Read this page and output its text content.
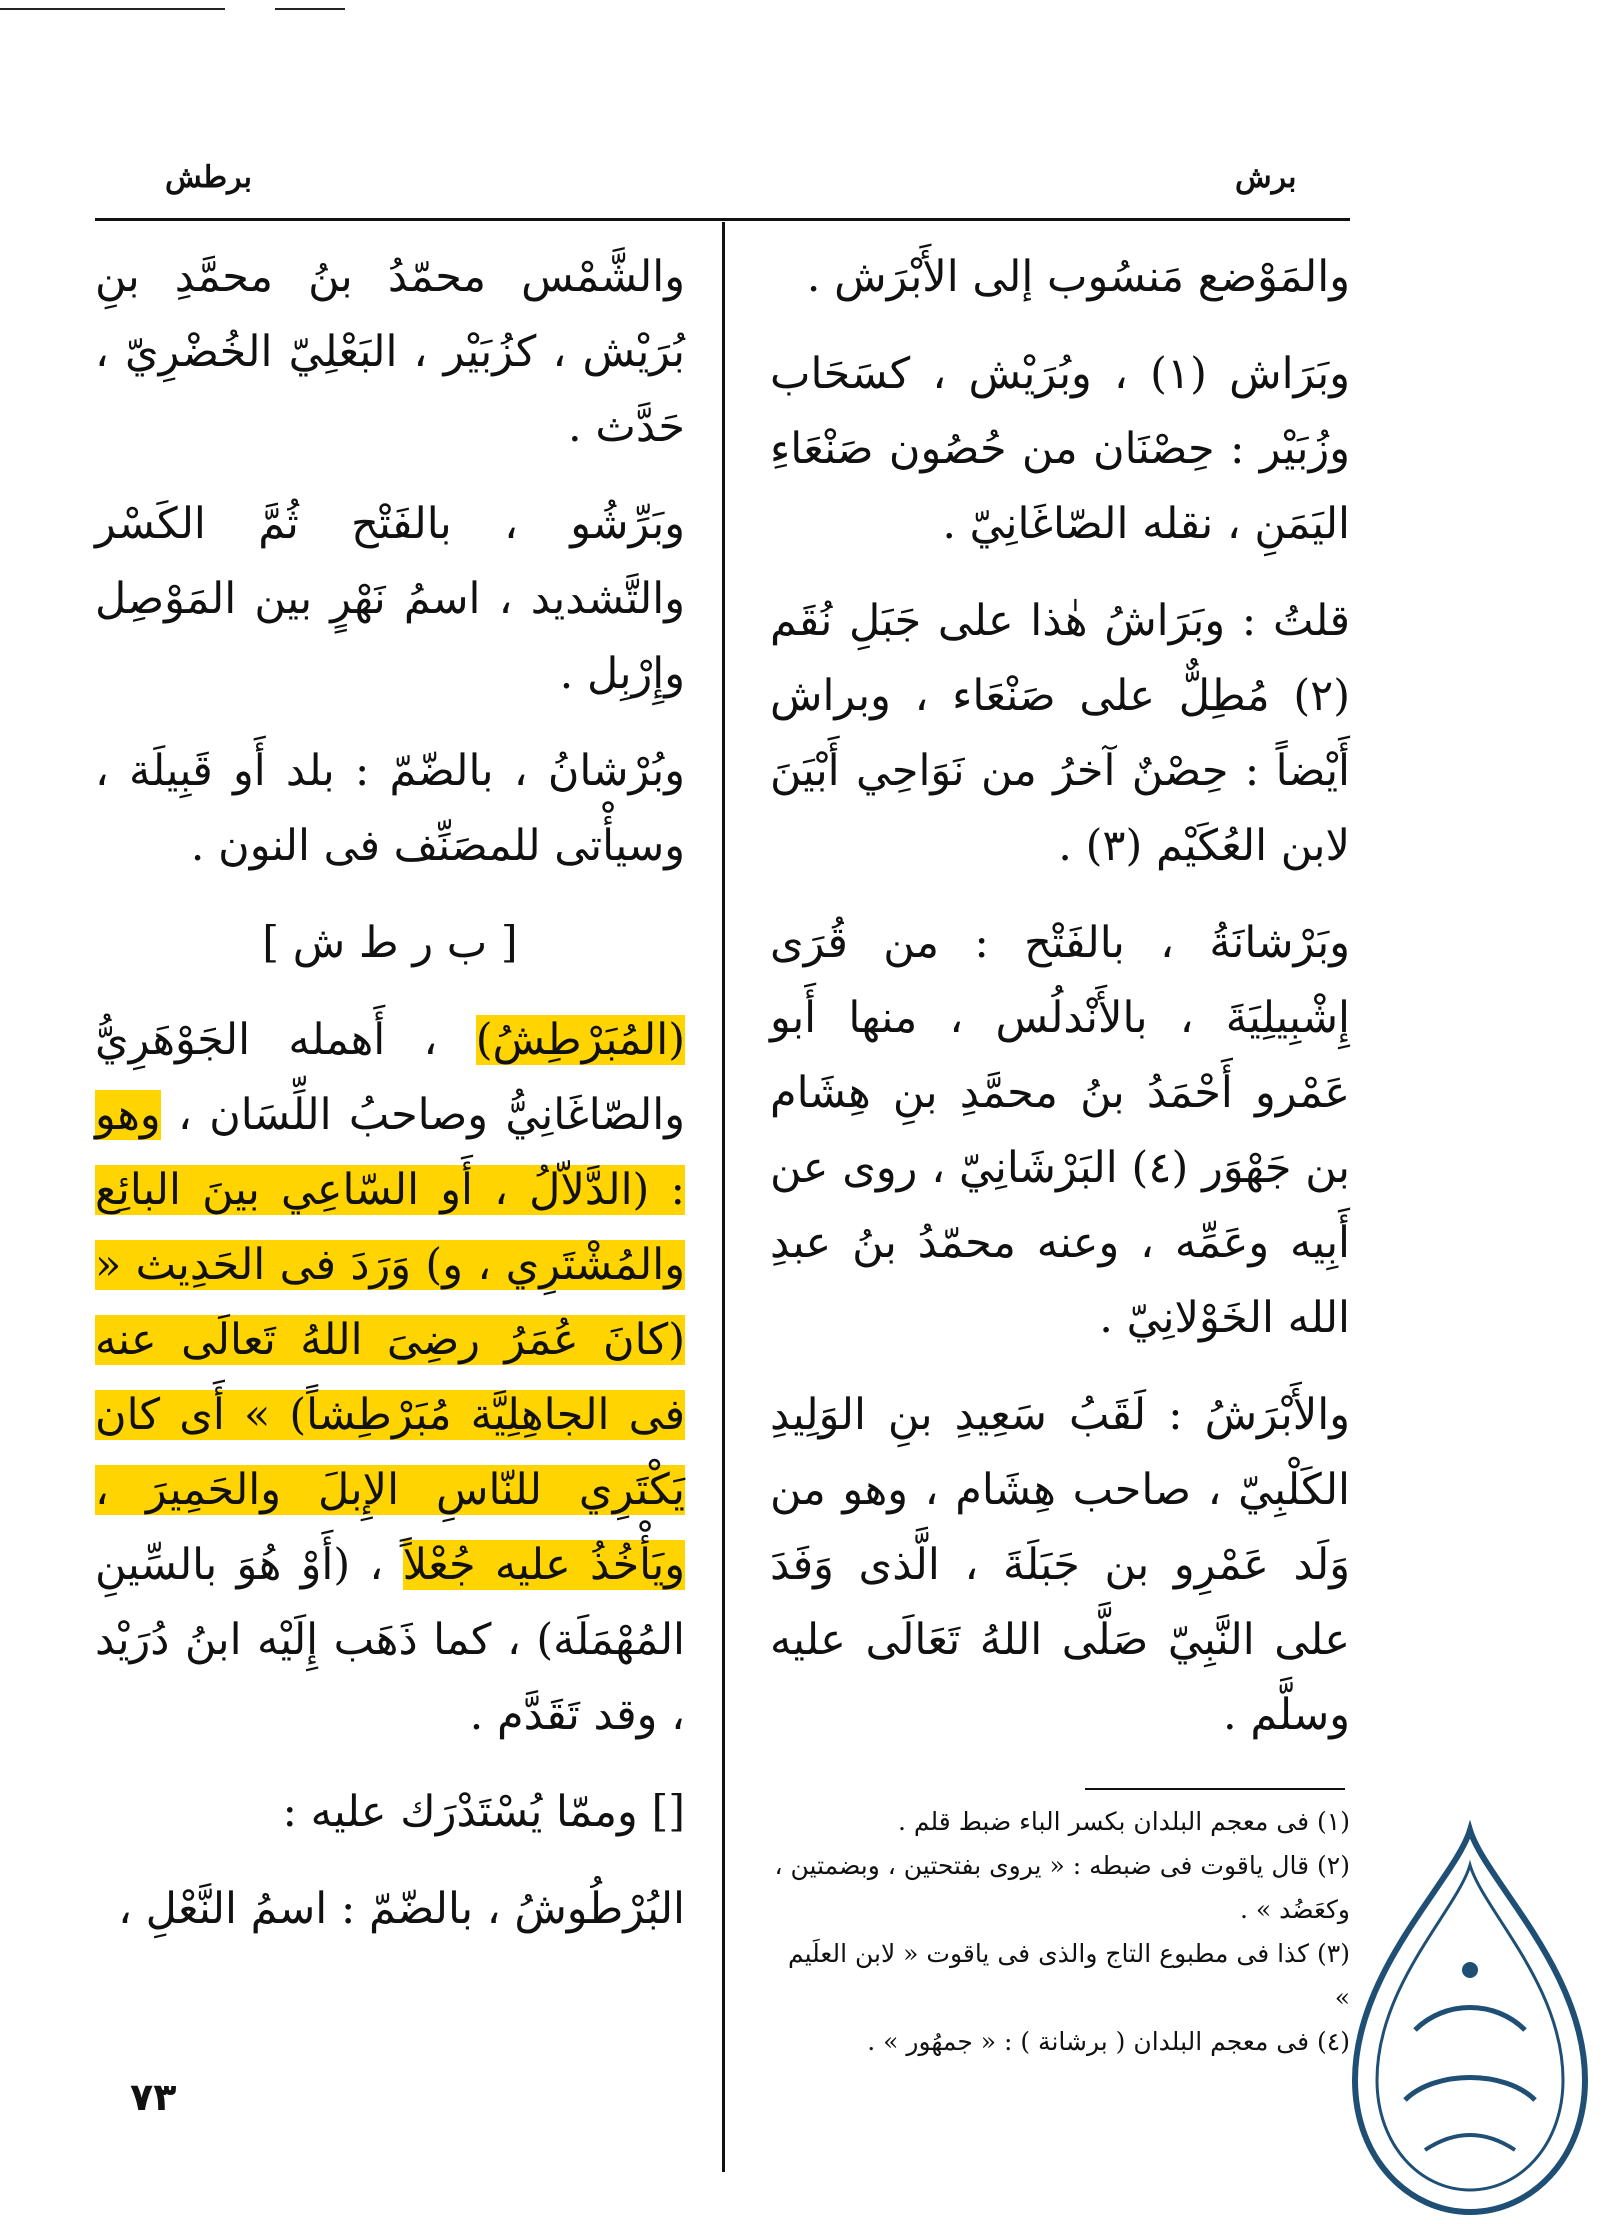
برش
برطش

والمَوْضع مَنسُوب إلى الأَبْرَش .

وبَرَاش (١) ، وبُرَيْش ، كسَحَاب وزُبَيْر : حِصْنَان من حُصُون صَنْعَاءِ اليَمَنِ ، نقله الصّاغَانِيّ .

قلتُ : وبَرَاشُ هٰذا على جَبَلِ نُقَم (٢) مُطِلٌّ على صَنْعَاء ، وبراش أَيْضاً : حِصْنٌ آخرُ من نَوَاحِي أَبْيَنَ لابن العُكَيْم (٣) .

وبَرْشانَةُ ، بالفَتْح : من قُرَى إِشْبِيلِيَةَ ، بالأَنْدلُس ، منها أَبو عَمْرو أَحْمَدُ بنُ محمَّدِ بنِ هِشَام بن جَهْوَر (٤) البَرْشَانِيّ ، روى عن أَبِيه وعَمِّه ، وعنه محمّدُ بنُ عبدِ الله الخَوْلانِيّ .

والأَبْرَشُ : لَقَبُ سَعِيدِ بنِ الوَلِيدِ الكَلْبِيّ ، صاحب هِشَام ، وهو من وَلَد عَمْرِو بن جَبَلَةَ ، الَّذى وَفَدَ على النَّبِيّ صَلَّى اللهُ تَعَالَى عليه وسلَّم .

(١) فى معجم البلدان بكسر الباء ضبط قلم .
(٢) قال ياقوت فى ضبطه : « يروى بفتحتين ، وبضمتين ، وكعَضُد » .
(٣) كذا فى مطبوع التاج والذى فى ياقوت « لابن العلَيم »
(٤) فى معجم البلدان ( برشانة ) : « جمهُور » .

والشَّمْس محمّدُ بنُ محمَّدِ بنِ بُرَيْش ، كزُبَيْر ، البَعْلِيّ الخُضْرِيّ ، حَدَّث .

وبَرِّشُو ، بالفَتْح ثُمَّ الكَسْر والتَّشديد ، اسمُ نَهْرٍ بين المَوْصِل وإِرْبِل .

وبُرْشانُ ، بالضّمّ : بلد أَو قَبِيلَة ، وسيأْتى للمصَنِّف فى النون .

[ ب ر ط ش ]

(المُبَرْطِشُ) ، أَهمله الجَوْهَرِيُّ والصّاغَانِيُّ وصاحبُ اللِّسَان ، وهو : (الدَّلاّلُ ، أَو السّاعِي بينَ البائِع والمُشْتَرِي ، و) وَرَدَ فى الحَدِيث « (كانَ عُمَرُ رضِىَ اللهُ تَعالَى عنه فى الجاهِلِيَّة مُبَرْطِشاً) » أَى كان يَكْتَرِي للنّاسِ الإِبلَ والحَمِيرَ ، ويَأْخُذُ عليه جُعْلاً ، (أَوْ هُوَ بالسِّينِ المُهْمَلَة) ، كما ذَهَب إِلَيْه ابنُ دُرَيْد ، وقد تَقَدَّم .

[] وممّا يُسْتَدْرَك عليه :

البُرْطُوشُ ، بالضّمّ : اسمُ النَّعْلِ ،

٧٣
